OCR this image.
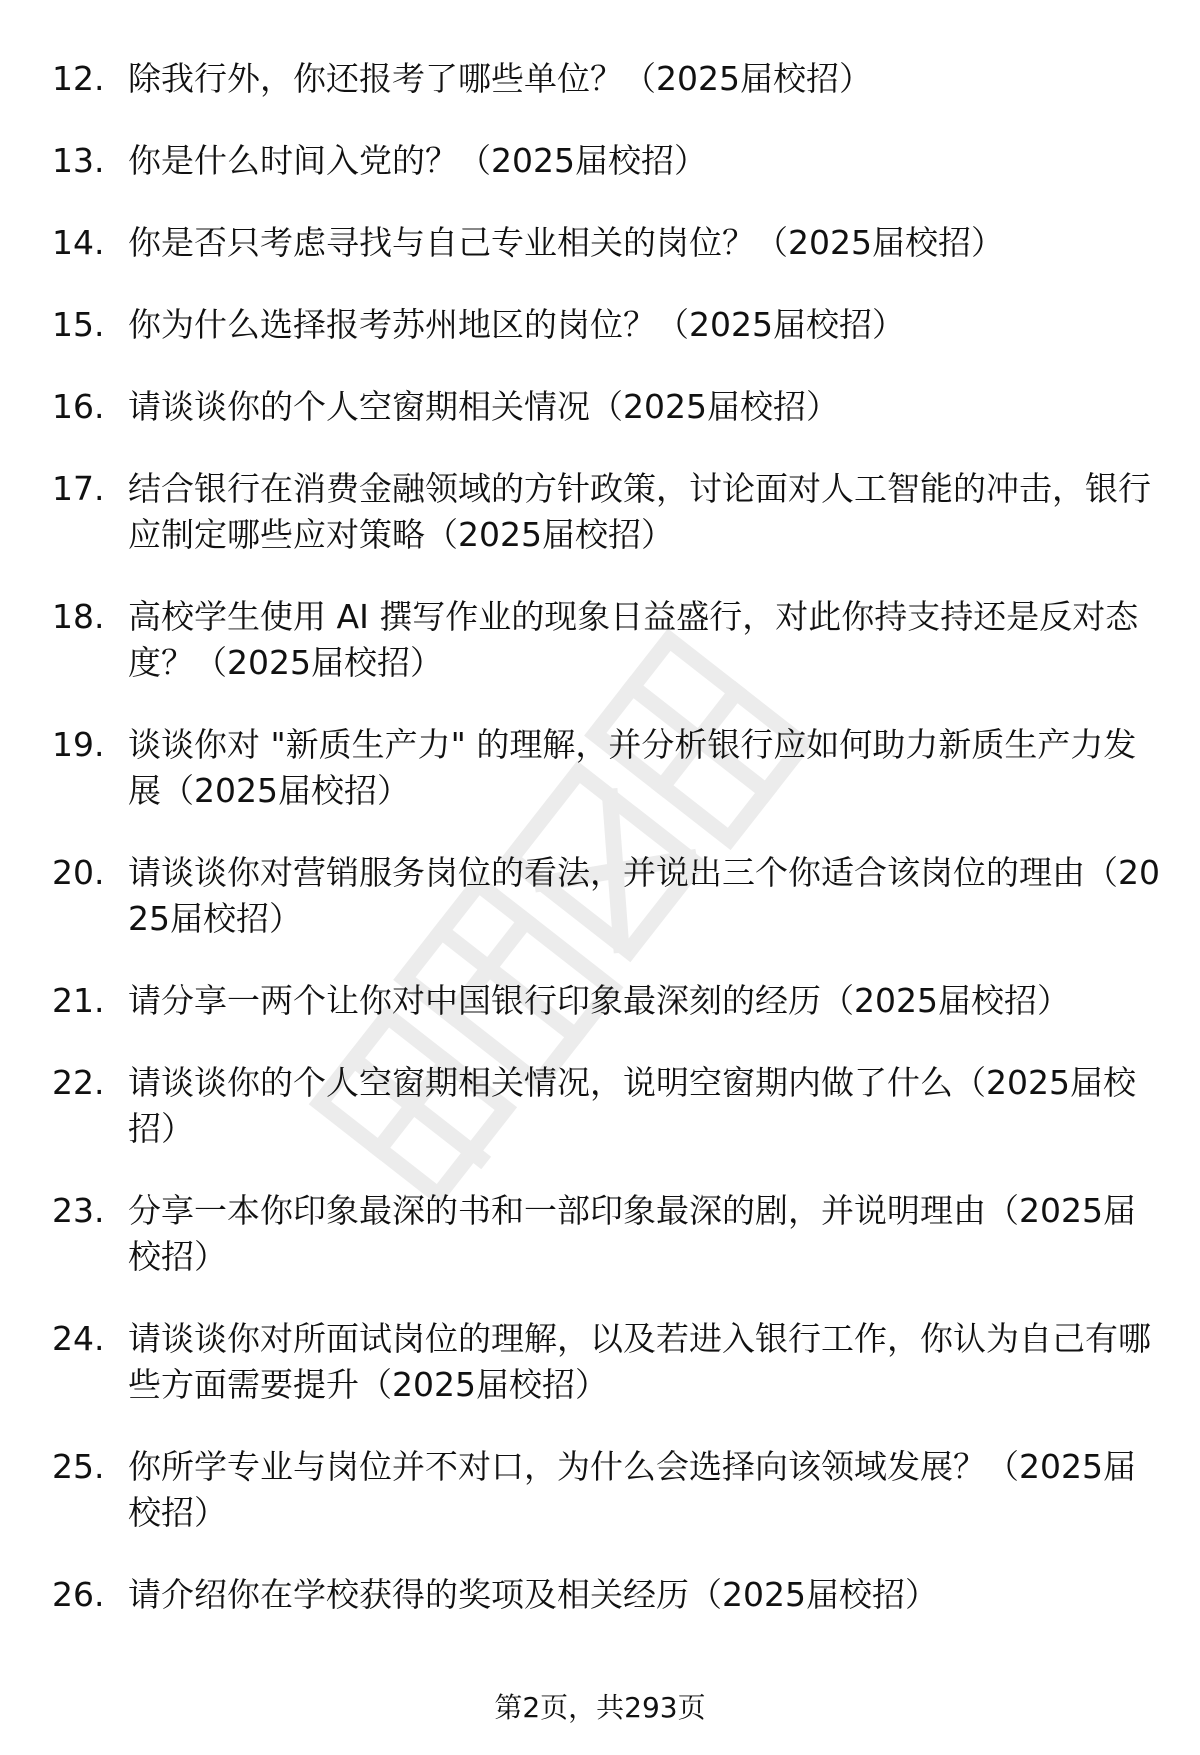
12. 除我行外，你还报考了哪些单位？（2025届校招）
13. 你是什么时间入党的？（2025届校招）
14. 你是否只考虑寻找与自己专业相关的岗位？（2025届校招）
15. 你为什么选择报考苏州地区的岗位？（2025届校招）
16. 请谈谈你的个人空窗期相关情况（2025届校招）
17. 结合银行在消费金融领域的方针政策，讨论面对人工智能的冲击，银行应制定哪些应对策略（2025届校招）
18. 高校学生使用 AI 撰写作业的现象日益盛行，对此你持支持还是反对态度？（2025届校招）
19. 谈谈你对 "新质生产力" 的理解，并分析银行应如何助力新质生产力发展（2025届校招）
20. 请谈谈你对营销服务岗位的看法，并说出三个你适合该岗位的理由（2025届校招）
21. 请分享一两个让你对中国银行印象最深刻的经历（2025届校招）
22. 请谈谈你的个人空窗期相关情况，说明空窗期内做了什么（2025届校招）
23. 分享一本你印象最深的书和一部印象最深的剧，并说明理由（2025届校招）
24. 请谈谈你对所面试岗位的理解，以及若进入银行工作，你认为自己有哪些方面需要提升（2025届校招）
25. 你所学专业与岗位并不对口，为什么会选择向该领域发展？（2025届校招）
26. 请介绍你在学校获得的奖项及相关经历（2025届校招）
第2页，共293页
